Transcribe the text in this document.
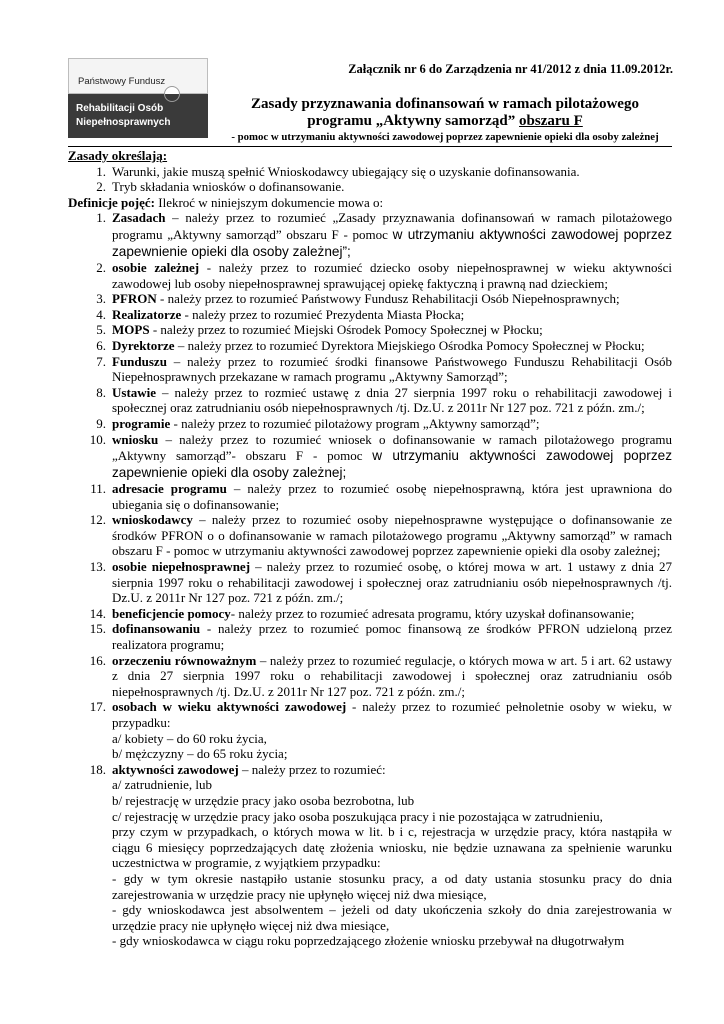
Państwowy Fundusz
Rehabilitacji Osób
Niepełnosprawnych
Załącznik nr 6 do Zarządzenia nr 41/2012 z dnia 11.09.2012r.
Zasady przyznawania dofinansowań w ramach pilotażowego
programu „Aktywny samorząd” obszaru F
- pomoc w utrzymaniu aktywności zawodowej poprzez zapewnienie opieki dla osoby zależnej
Zasady określają:
1. Warunki, jakie muszą spełnić Wnioskodawcy ubiegający się o uzyskanie dofinansowania.
2. Tryb składania wniosków o dofinansowanie.
Definicje pojęć: Ilekroć w niniejszym dokumencie mowa o:
1. Zasadach – należy przez to rozumieć „Zasady przyznawania dofinansowań w ramach pilotażowego programu „Aktywny samorząd” obszaru F - pomoc w utrzymaniu aktywności zawodowej poprzez zapewnienie opieki dla osoby zależnej”;
2. osobie zależnej - należy przez to rozumieć dziecko osoby niepełnosprawnej w wieku aktywności zawodowej lub osoby niepełnosprawnej sprawującej opiekę faktyczną i prawną nad dzieckiem;
3. PFRON - należy przez to rozumieć Państwowy Fundusz Rehabilitacji Osób Niepełnosprawnych;
4. Realizatorze - należy przez to rozumieć Prezydenta Miasta Płocka;
5. MOPS - należy przez to rozumieć Miejski Ośrodek Pomocy Społecznej w Płocku;
6. Dyrektorze – należy przez to rozumieć Dyrektora Miejskiego Ośrodka Pomocy Społecznej w Płocku;
7. Funduszu – należy przez to rozumieć środki finansowe Państwowego Funduszu Rehabilitacji Osób Niepełnosprawnych przekazane w ramach programu „Aktywny Samorząd”;
8. Ustawie – należy przez to rozmieć ustawę z dnia 27 sierpnia 1997 roku o rehabilitacji zawodowej i społecznej oraz zatrudnianiu osób niepełnosprawnych /tj. Dz.U. z 2011r Nr 127 poz. 721 z późn. zm./;
9. programie - należy przez to rozumieć pilotażowy program „Aktywny samorząd”;
10. wniosku – należy przez to rozumieć wniosek o dofinansowanie w ramach pilotażowego programu „Aktywny samorząd”- obszaru F - pomoc w utrzymaniu aktywności zawodowej poprzez zapewnienie opieki dla osoby zależnej;
11. adresacie programu – należy przez to rozumieć osobę niepełnosprawną, która jest uprawniona do ubiegania się o dofinansowanie;
12. wnioskodawcy – należy przez to rozumieć osoby niepełnosprawne występujące o dofinansowanie ze środków PFRON o o dofinansowanie w ramach pilotażowego programu „Aktywny samorząd” w ramach obszaru F - pomoc w utrzymaniu aktywności zawodowej poprzez zapewnienie opieki dla osoby zależnej;
13. osobie niepełnosprawnej – należy przez to rozumieć osobę, o której mowa w art. 1 ustawy z dnia 27 sierpnia 1997 roku o rehabilitacji zawodowej i społecznej oraz zatrudnianiu osób niepełnosprawnych /tj. Dz.U. z 2011r Nr 127 poz. 721 z późn. zm./;
14. beneficjencie pomocy- należy przez to rozumieć adresata programu, który uzyskał dofinansowanie;
15. dofinansowaniu - należy przez to rozumieć pomoc finansową ze środków PFRON udzieloną przez realizatora programu;
16. orzeczeniu równoważnym – należy przez to rozumieć regulacje, o których mowa w art. 5 i art. 62 ustawy z dnia 27 sierpnia 1997 roku o rehabilitacji zawodowej i społecznej oraz zatrudnianiu osób niepełnosprawnych /tj. Dz.U. z 2011r Nr 127 poz. 721 z późn. zm./;
17. osobach w wieku aktywności zawodowej - należy przez to rozumieć pełnoletnie osoby w wieku, w przypadku:
a/ kobiety – do 60 roku życia,
b/ mężczyzny – do 65 roku życia;
18. aktywności zawodowej – należy przez to rozumieć:
a/ zatrudnienie, lub
b/ rejestrację w urzędzie pracy jako osoba bezrobotna, lub
c/ rejestrację w urzędzie pracy jako osoba poszukująca pracy i nie pozostająca w zatrudnieniu,
przy czym w przypadkach, o których mowa w lit. b i c, rejestracja w urzędzie pracy, która nastąpiła w ciągu 6 miesięcy poprzedzających datę złożenia wniosku, nie będzie uznawana za spełnienie warunku uczestnictwa w programie, z wyjątkiem przypadku:
- gdy w tym okresie nastąpiło ustanie stosunku pracy, a od daty ustania stosunku pracy do dnia zarejestrowania w urzędzie pracy nie upłynęło więcej niż dwa miesiące,
- gdy wnioskodawca jest absolwentem – jeżeli od daty ukończenia szkoły do dnia zarejestrowania w urzędzie pracy nie upłynęło więcej niż dwa miesiące,
- gdy wnioskodawca w ciągu roku poprzedzającego złożenie wniosku przebywał na długotrwałym
